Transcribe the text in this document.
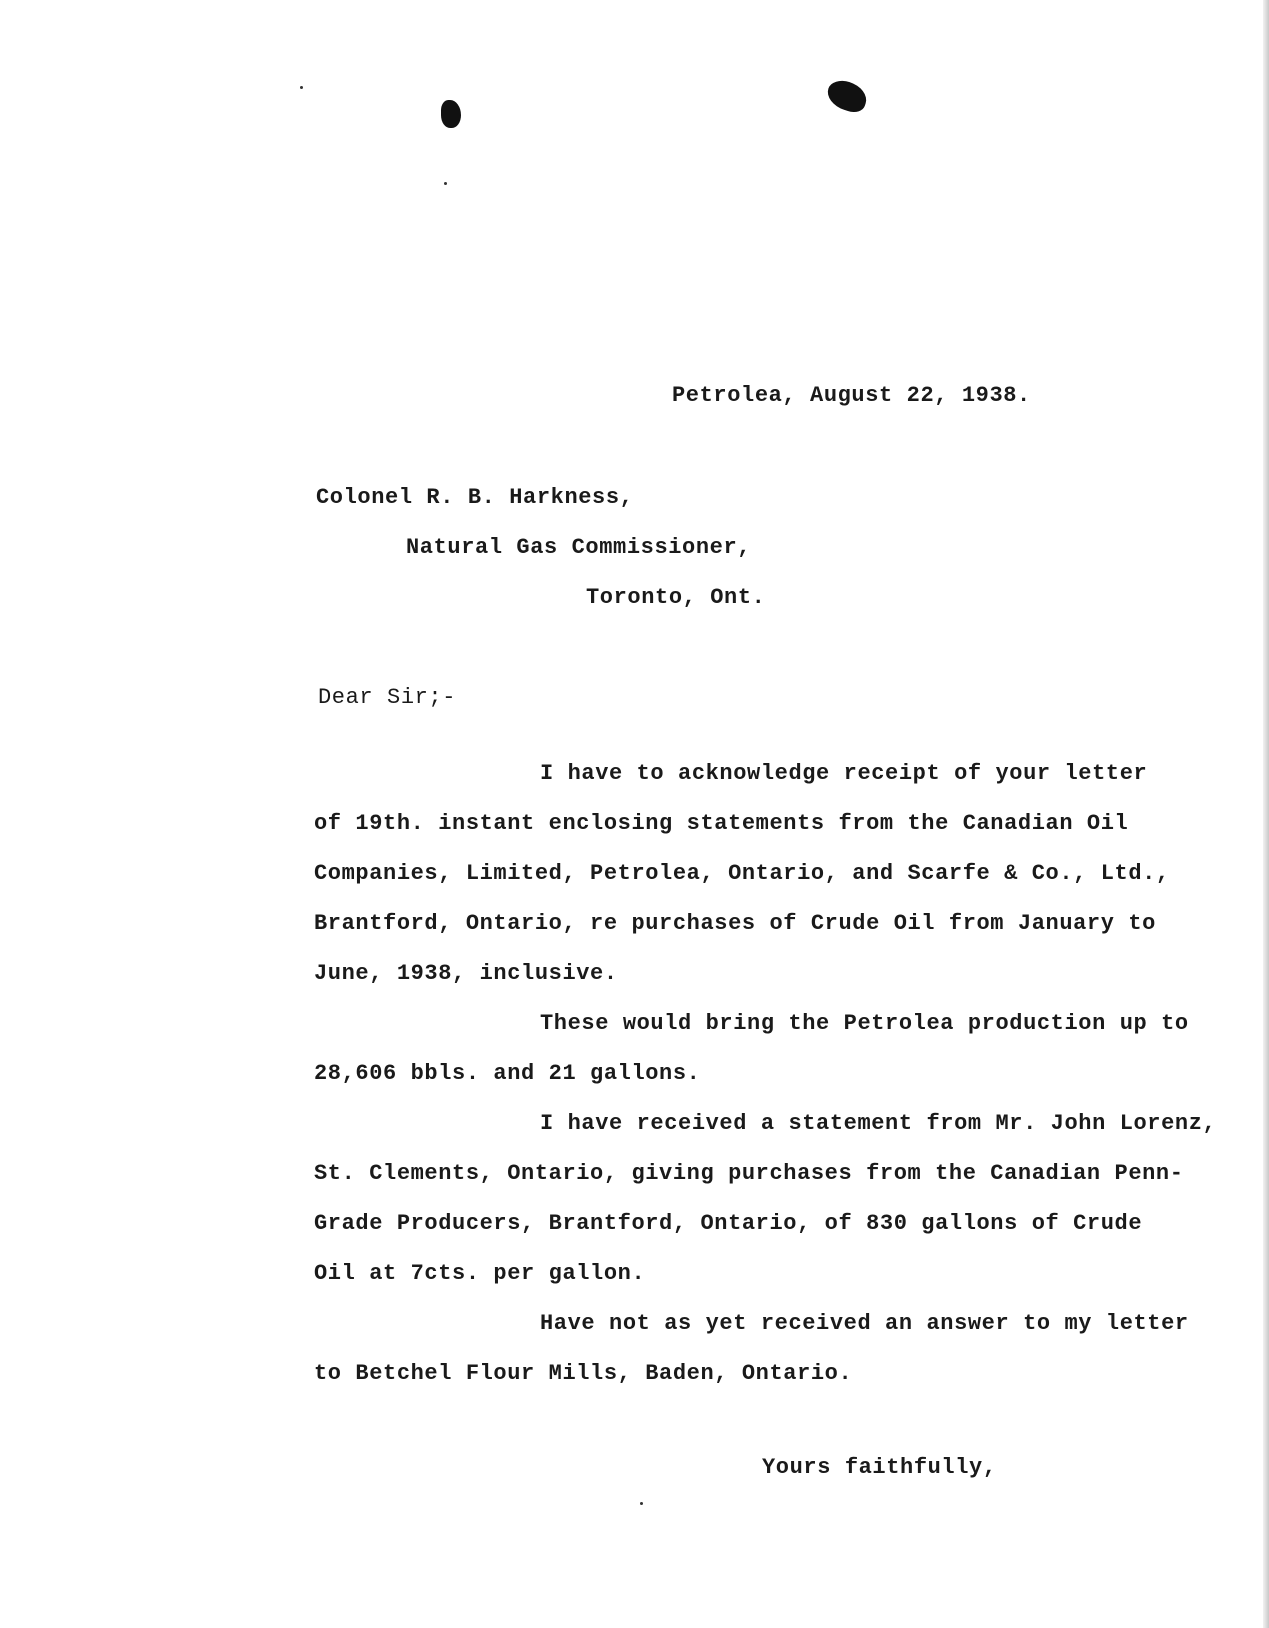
Petrolea, August 22, 1938.
Colonel R. B. Harkness,
Natural Gas Commissioner,
Toronto, Ont.
Dear Sir;-
I have to acknowledge receipt of your letter
of 19th. instant enclosing statements from the Canadian Oil
Companies, Limited, Petrolea, Ontario, and Scarfe & Co., Ltd.,
Brantford, Ontario, re purchases of Crude Oil from January to
June, 1938, inclusive.
These would bring the Petrolea production up to
28,606 bbls. and 21 gallons.
I have received a statement from Mr. John Lorenz,
St. Clements, Ontario, giving purchases from the Canadian Penn-
Grade Producers, Brantford, Ontario, of 830 gallons of Crude
Oil at 7cts. per gallon.
Have not as yet received an answer to my letter
to Betchel Flour Mills, Baden, Ontario.
Yours faithfully,
